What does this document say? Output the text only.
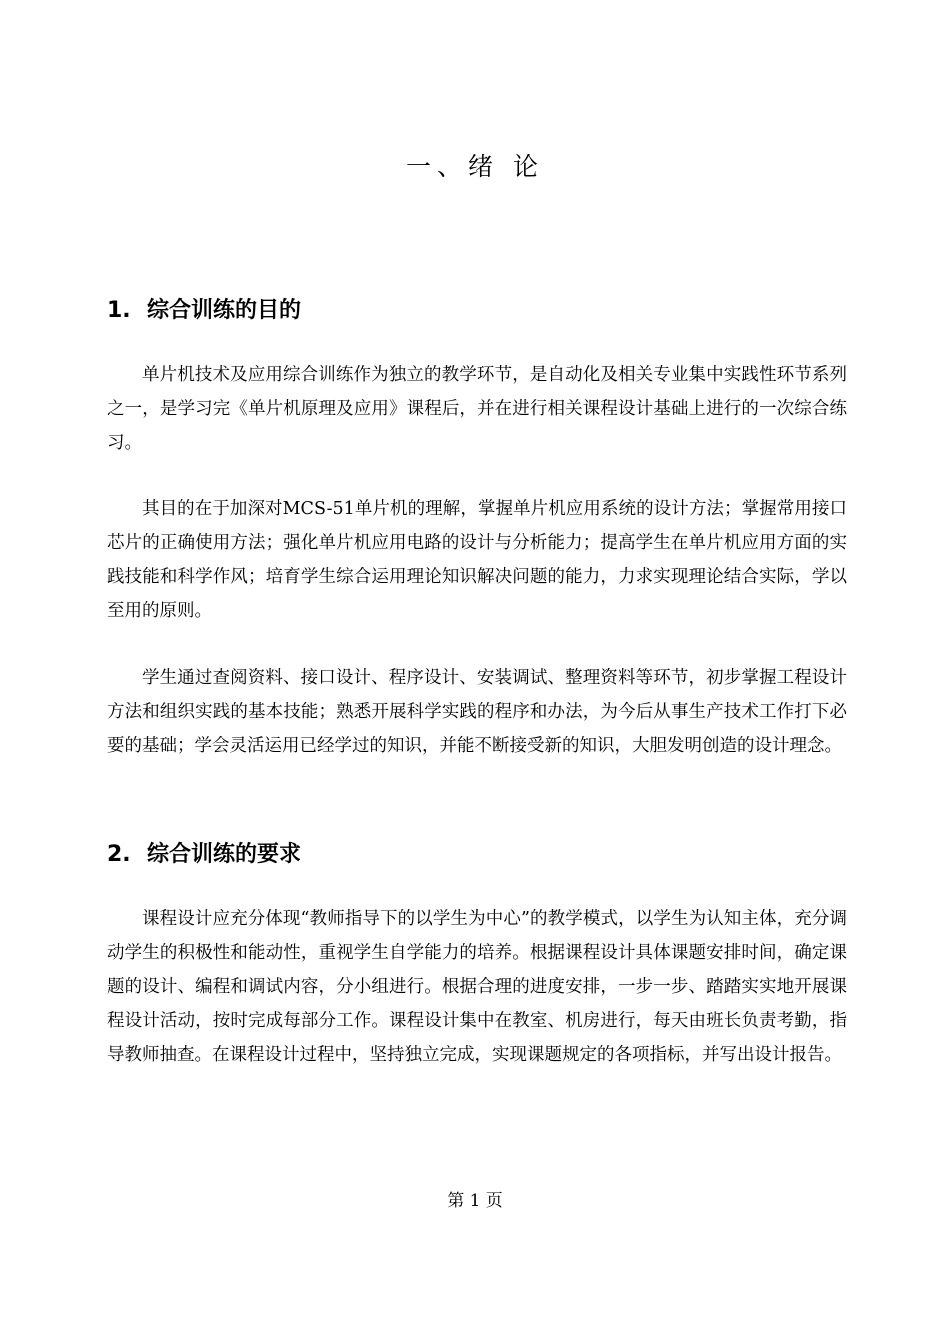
一、绪 论
1. 综合训练的目的

单片机技术及应用综合训练作为独立的教学环节，是自动化及相关专业集中实践性环节系列之一，是学习完《单片机原理及应用》课程后，并在进行相关课程设计基础上进行的一次综合练习。

其目的在于加深对MCS-51单片机的理解，掌握单片机应用系统的设计方法；掌握常用接口芯片的正确使用方法；强化单片机应用电路的设计与分析能力；提高学生在单片机应用方面的实践技能和科学作风；培育学生综合运用理论知识解决问题的能力，力求实现理论结合实际，学以至用的原则。

学生通过查阅资料、接口设计、程序设计、安装调试、整理资料等环节，初步掌握工程设计方法和组织实践的基本技能；熟悉开展科学实践的程序和办法，为今后从事生产技术工作打下必要的基础；学会灵活运用已经学过的知识，并能不断接受新的知识，大胆发明创造的设计理念。

2. 综合训练的要求

课程设计应充分体现“教师指导下的以学生为中心”的教学模式，以学生为认知主体，充分调动学生的积极性和能动性，重视学生自学能力的培养。根据课程设计具体课题安排时间，确定课题的设计、编程和调试内容，分小组进行。根据合理的进度安排，一步一步、踏踏实实地开展课程设计活动，按时完成每部分工作。课程设计集中在教室、机房进行，每天由班长负责考勤，指导教师抽查。在课程设计过程中，坚持独立完成，实现课题规定的各项指标，并写出设计报告。

第 1 页
